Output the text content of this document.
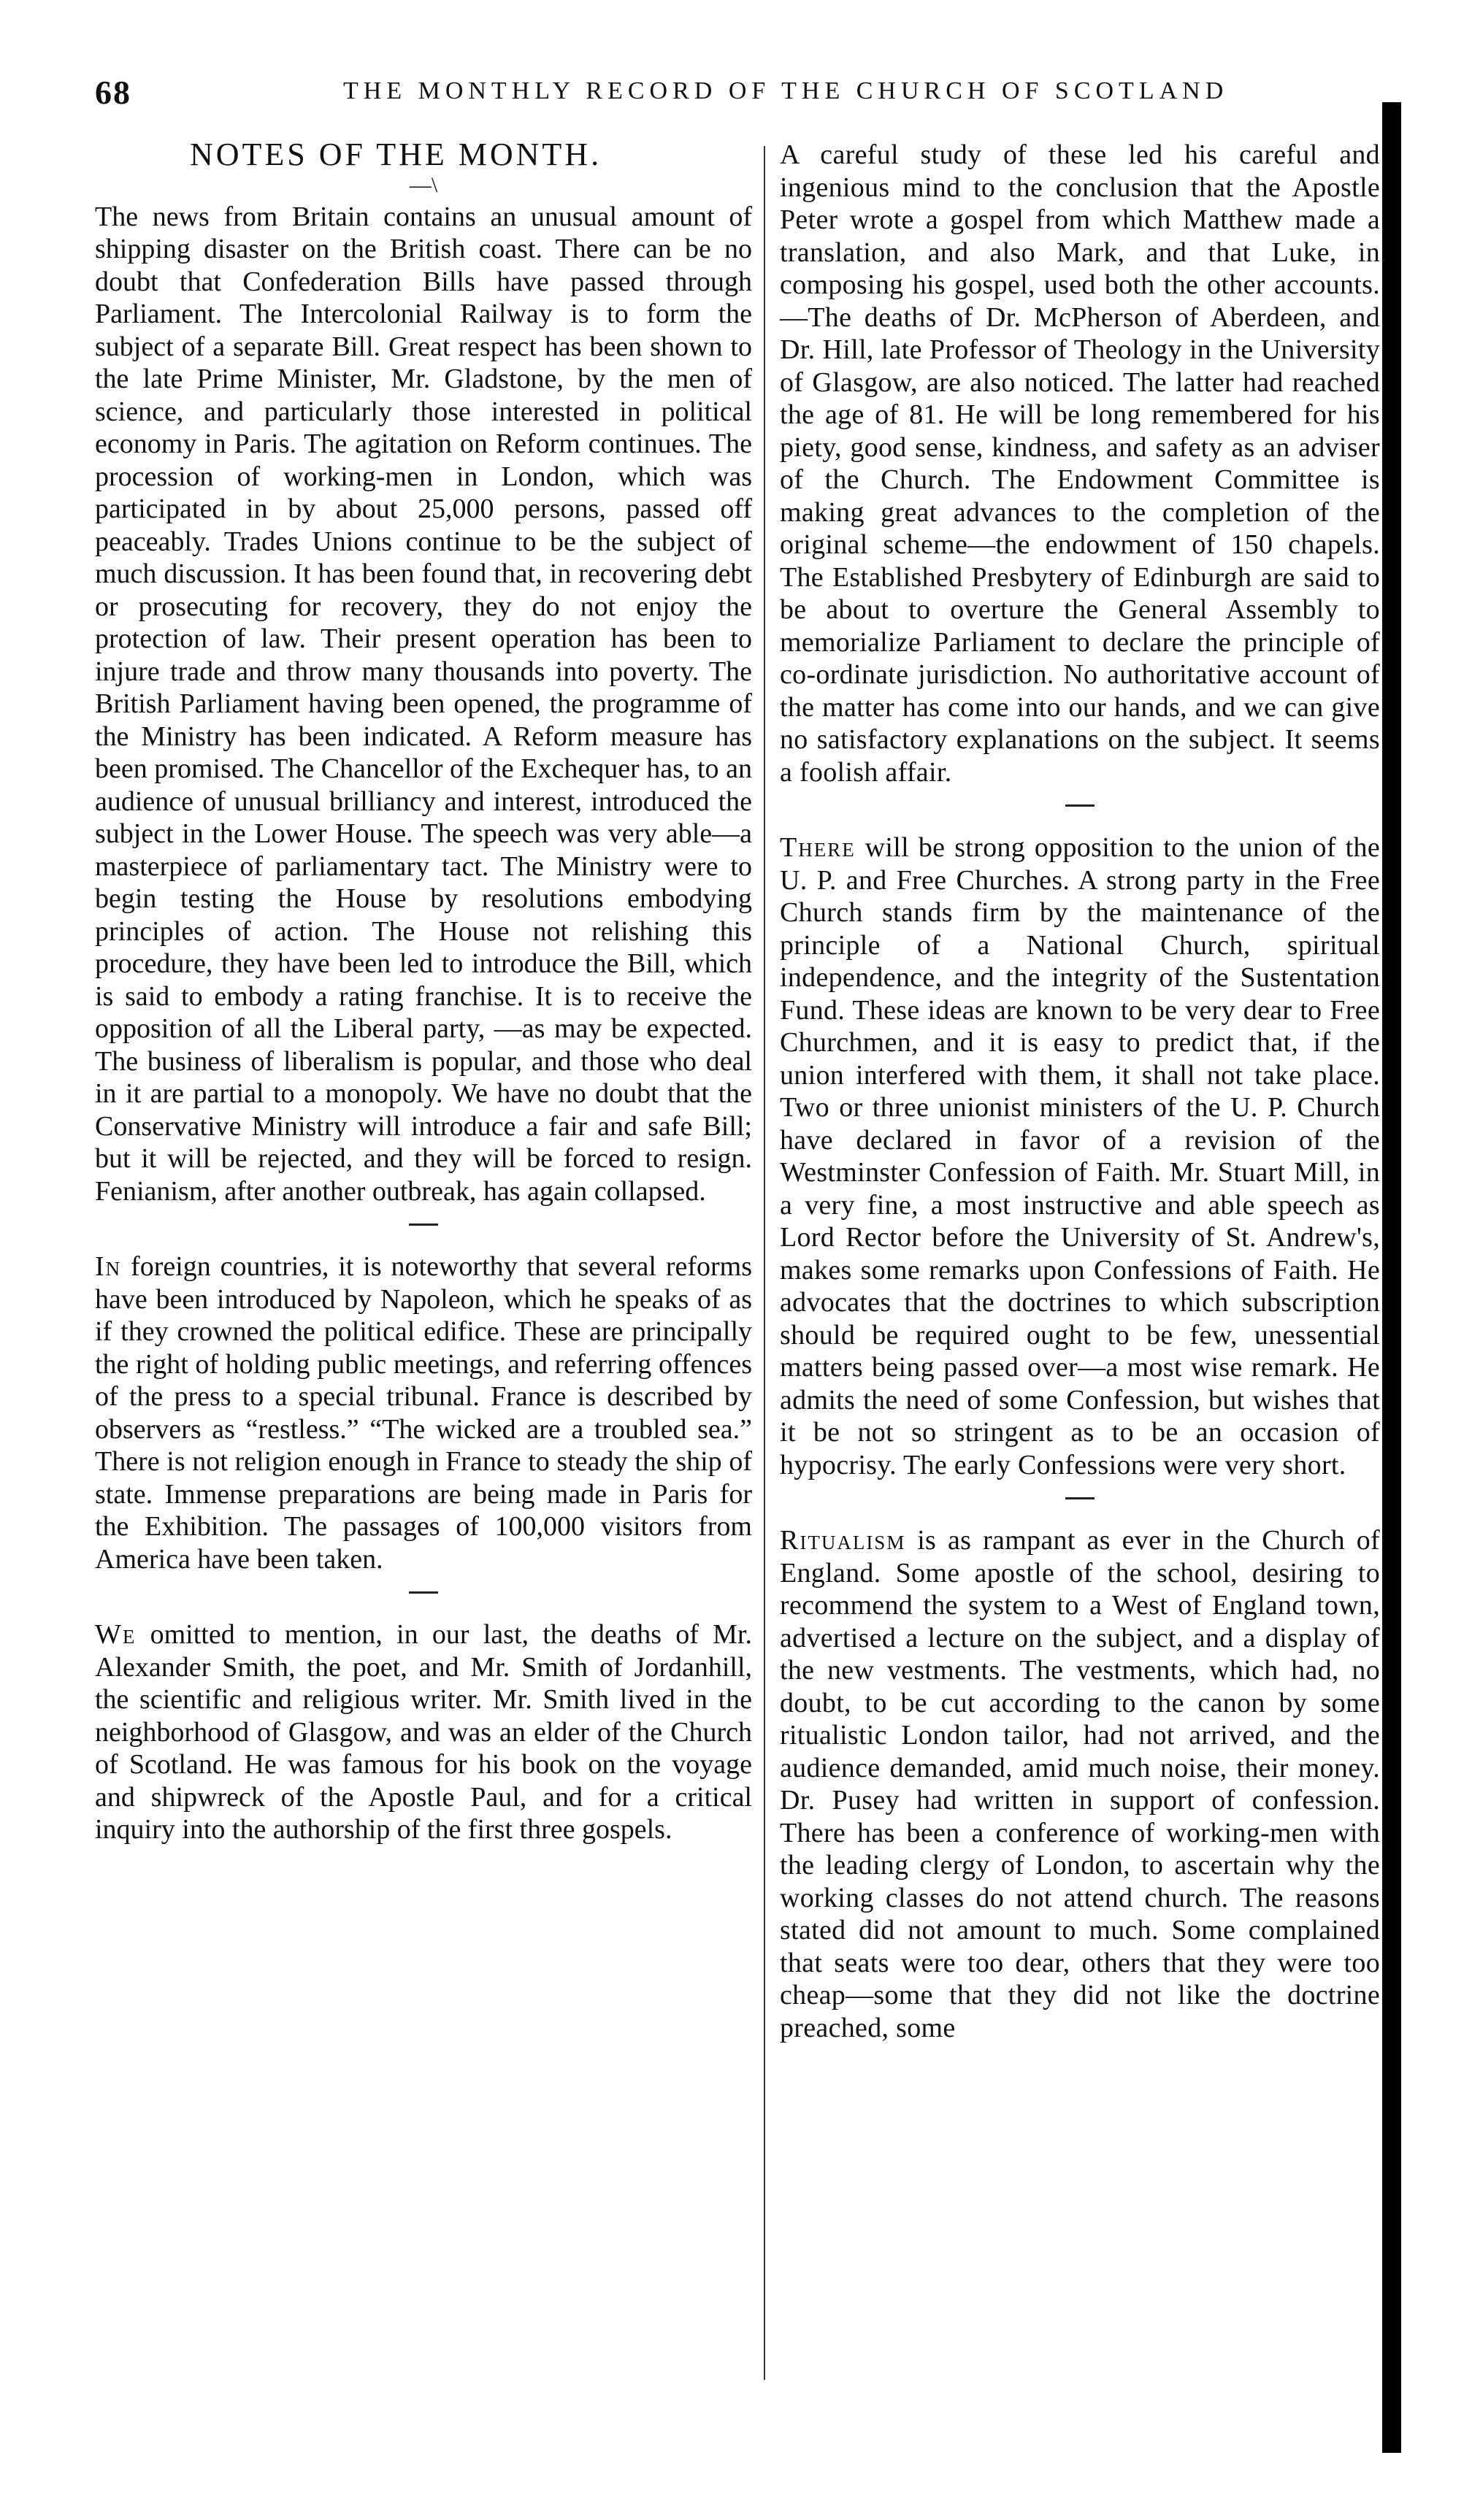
68	THE MONTHLY RECORD OF THE CHURCH OF SCOTLAND
NOTES OF THE MONTH.
—\

The news from Britain contains an unusual amount of shipping disaster on the British coast. There can be no doubt that Confederation Bills have passed through Parliament. The Intercolonial Railway is to form the subject of a separate Bill. Great respect has been shown to the late Prime Minister, Mr. Gladstone, by the men of science, and particularly those interested in political economy in Paris. The agitation on Reform continues. The procession of working-men in London, which was participated in by about 25,000 persons, passed off peaceably. Trades Unions continue to be the subject of much discussion. It has been found that, in recovering debt or prosecuting for recovery, they do not enjoy the protection of law. Their present operation has been to injure trade and throw many thousands into poverty. The British Parliament having been opened, the programme of the Ministry has been indicated. A Reform measure has been promised. The Chancellor of the Exchequer has, to an audience of unusual brilliancy and interest, introduced the subject in the Lower House. The speech was very able—a masterpiece of parliamentary tact. The Ministry were to begin testing the House by resolutions embodying principles of action. The House not relishing this procedure, they have been led to introduce the Bill, which is said to embody a rating franchise. It is to receive the opposition of all the Liberal party, —as may be expected. The business of liberalism is popular, and those who deal in it are partial to a monopoly. We have no doubt that the Conservative Ministry will introduce a fair and safe Bill; but it will be rejected, and they will be forced to resign. Fenianism, after another outbreak, has again collapsed.

In foreign countries, it is noteworthy that several reforms have been introduced by Napoleon, which he speaks of as if they crowned the political edifice. These are principally the right of holding public meetings, and referring offences of the press to a special tribunal. France is described by observers as “restless.” “The wicked are a troubled sea.” There is not religion enough in France to steady the ship of state. Immense preparations are being made in Paris for the Exhibition. The passages of 100,000 visitors from America have been taken.

We omitted to mention, in our last, the deaths of Mr. Alexander Smith, the poet, and Mr. Smith of Jordanhill, the scientific and religious writer. Mr. Smith lived in the neighborhood of Glasgow, and was an elder of the Church of Scotland. He was famous for his book on the voyage and shipwreck of the Apostle Paul, and for a critical inquiry into the authorship of the first three gospels.

A careful study of these led his careful and ingenious mind to the conclusion that the Apostle Peter wrote a gospel from which Matthew made a translation, and also Mark, and that Luke, in composing his gospel, used both the other accounts.—The deaths of Dr. McPherson of Aberdeen, and Dr. Hill, late Professor of Theology in the University of Glasgow, are also noticed. The latter had reached the age of 81. He will be long remembered for his piety, good sense, kindness, and safety as an adviser of the Church. The Endowment Committee is making great advances to the completion of the original scheme—the endowment of 150 chapels. The Established Presbytery of Edinburgh are said to be about to overture the General Assembly to memorialize Parliament to declare the principle of co-ordinate jurisdiction. No authoritative account of the matter has come into our hands, and we can give no satisfactory explanations on the subject. It seems a foolish affair.

There will be strong opposition to the union of the U. P. and Free Churches. A strong party in the Free Church stands firm by the maintenance of the principle of a National Church, spiritual independence, and the integrity of the Sustentation Fund. These ideas are known to be very dear to Free Churchmen, and it is easy to predict that, if the union interfered with them, it shall not take place. Two or three unionist ministers of the U. P. Church have declared in favor of a revision of the Westminster Confession of Faith. Mr. Stuart Mill, in a very fine, a most instructive and able speech as Lord Rector before the University of St. Andrew's, makes some remarks upon Confessions of Faith. He advocates that the doctrines to which subscription should be required ought to be few, unessential matters being passed over—a most wise remark. He admits the need of some Confession, but wishes that it be not so stringent as to be an occasion of hypocrisy. The early Confessions were very short.

Ritualism is as rampant as ever in the Church of England. Some apostle of the school, desiring to recommend the system to a West of England town, advertised a lecture on the subject, and a display of the new vestments. The vestments, which had, no doubt, to be cut according to the canon by some ritualistic London tailor, had not arrived, and the audience demanded, amid much noise, their money. Dr. Pusey had written in support of confession. There has been a conference of working-men with the leading clergy of London, to ascertain why the working classes do not attend church. The reasons stated did not amount to much. Some complained that seats were too dear, others that they were too cheap—some that they did not like the doctrine preached, some
